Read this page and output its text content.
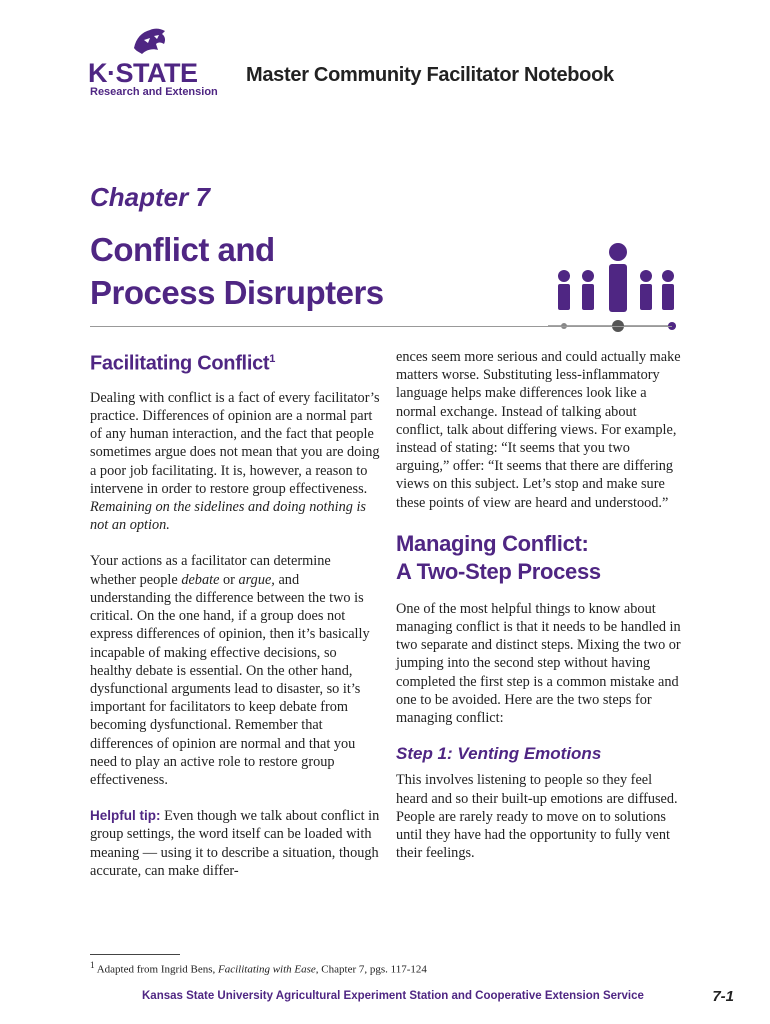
K·STATE
Research and Extension
Master Community Facilitator Notebook
Chapter 7
Conflict and
Process Disrupters
Facilitating Conflict$^1$

Dealing with conflict is a fact of every facilitator’s practice. Differences of opinion are a normal part of any human interaction, and the fact that people sometimes argue does not mean that you are doing a poor job facilitating. It is, however, a reason to intervene in order to restore group effectiveness. Remaining on the sidelines and doing nothing is not an option.

Your actions as a facilitator can determine whether people debate or argue, and understanding the difference between the two is critical. On the one hand, if a group does not express differences of opinion, then it’s basically incapable of making effective decisions, so healthy debate is essential. On the other hand, dysfunctional arguments lead to disaster, so it’s important for facilitators to keep debate from becoming dysfunctional. Remember that differences of opinion are normal and that you need to play an active role to restore group effectiveness.

Helpful tip: Even though we talk about conflict in group settings, the word itself can be loaded with meaning — using it to describe a situation, though accurate, can make differ-

ences seem more serious and could actually make matters worse. Substituting less-inflammatory language helps make differences look like a normal exchange. Instead of talking about conflict, talk about differing views. For example, instead of stating: “It seems that you two arguing,” offer: “It seems that there are differing views on this subject. Let’s stop and make sure these points of view are heard and understood.”

Managing Conflict:
A Two-Step Process

One of the most helpful things to know about managing conflict is that it needs to be handled in two separate and distinct steps. Mixing the two or jumping into the second step without having completed the first step is a common mistake and one to be avoided. Here are the two steps for managing conflict:

Step 1: Venting Emotions

This involves listening to people so they feel heard and so their built-up emotions are diffused. People are rarely ready to move on to solutions until they have had the opportunity to fully vent their feelings.

$^1$ Adapted from Ingrid Bens, Facilitating with Ease, Chapter 7, pgs. 117-124
Kansas State University Agricultural Experiment Station and Cooperative Extension Service	7-1
